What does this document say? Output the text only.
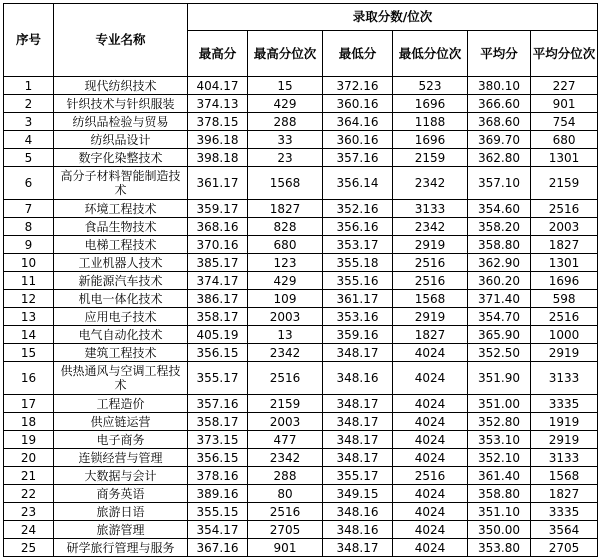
序号	专业名称	录取分数/位次					
		最高分	最高分位次	最低分	最低分位次	平均分	平均分位次
1	现代纺织技术	404.17	15	372.16	523	380.10	227
2	针织技术与针织服装	374.13	429	360.16	1696	366.60	901
3	纺织品检验与贸易	378.15	288	364.16	1188	368.60	754
4	纺织品设计	396.18	33	360.16	1696	369.70	680
5	数字化染整技术	398.18	23	357.16	2159	362.80	1301
6	高分子材料智能制造技术	361.17	1568	356.14	2342	357.10	2159
7	环境工程技术	359.17	1827	352.16	3133	354.60	2516
8	食品生物技术	368.16	828	356.16	2342	358.20	2003
9	电梯工程技术	370.16	680	353.17	2919	358.80	1827
10	工业机器人技术	385.17	123	355.18	2516	362.90	1301
11	新能源汽车技术	374.17	429	355.16	2516	360.20	1696
12	机电一体化技术	386.17	109	361.17	1568	371.40	598
13	应用电子技术	358.17	2003	353.16	2919	354.70	2516
14	电气自动化技术	405.19	13	359.16	1827	365.90	1000
15	建筑工程技术	356.15	2342	348.17	4024	352.50	2919
16	供热通风与空调工程技术	355.17	2516	348.16	4024	351.90	3133
17	工程造价	357.16	2159	348.17	4024	351.00	3335
18	供应链运营	358.17	2003	348.17	4024	352.80	1919
19	电子商务	373.15	477	348.17	4024	353.10	2919
20	连锁经营与管理	356.15	2342	348.17	4024	352.10	3133
21	大数据与会计	378.16	288	355.17	2516	361.40	1568
22	商务英语	389.16	80	349.15	4024	358.80	1827
23	旅游日语	355.15	2516	348.16	4024	351.10	3335
24	旅游管理	354.17	2705	348.16	4024	350.00	3564
25	研学旅行管理与服务	367.16	901	348.17	4024	353.80	2705
